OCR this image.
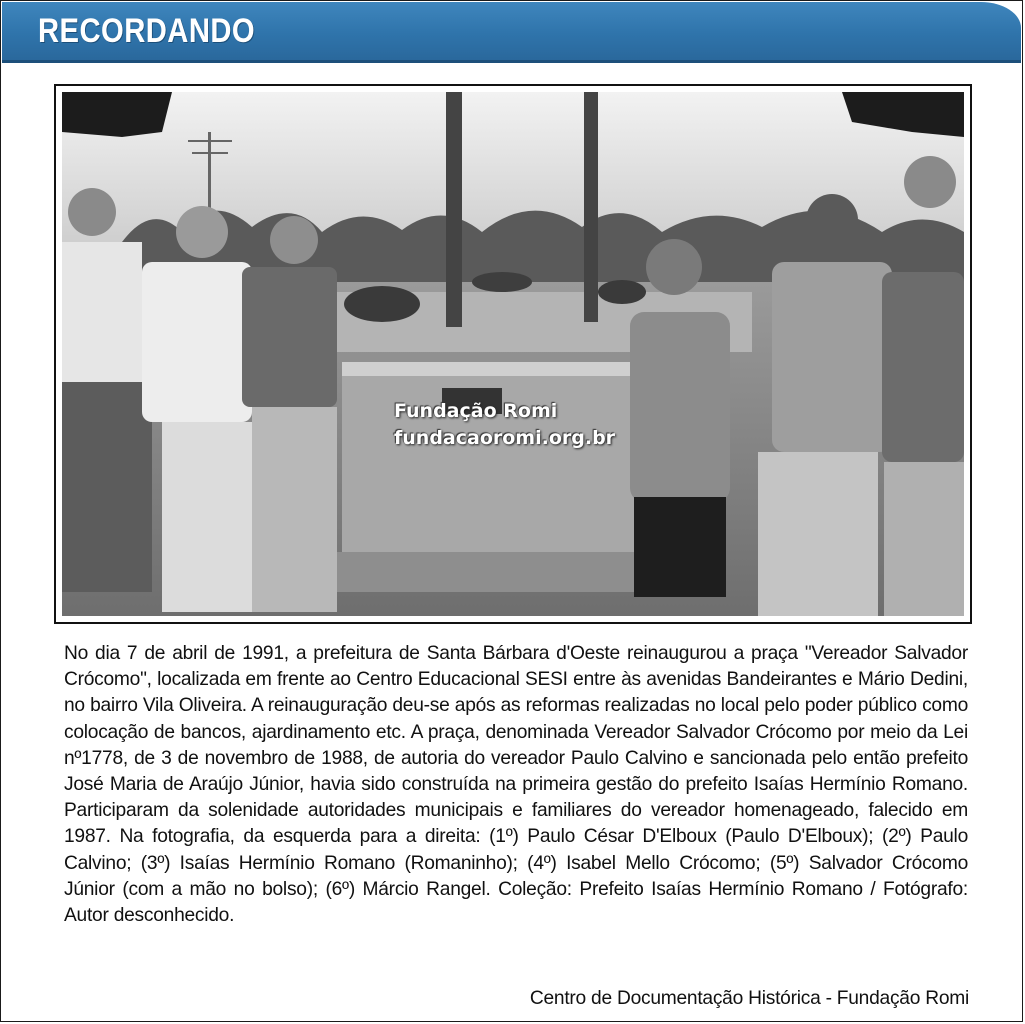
RECORDANDO
Fundação Romi
fundacaoromi.org.br
No dia 7 de abril de 1991, a prefeitura de Santa Bárbara d'Oeste reinaugurou a praça "Vereador Salvador Crócomo", localizada em frente ao Centro Educacional SESI entre às avenidas Bandeirantes e Mário Dedini, no bairro Vila Oliveira. A reinauguração deu-se após as reformas realizadas no local pelo poder público como colocação de bancos, ajardinamento etc. A praça, denominada Vereador Salvador Crócomo por meio da Lei nº1778, de 3 de novembro de 1988, de autoria do vereador Paulo Calvino e sancionada pelo então prefeito José Maria de Araújo Júnior, havia sido construída na primeira gestão do prefeito Isaías Hermínio Romano. Participaram da solenidade autoridades municipais e familiares do vereador homenageado, falecido em 1987. Na fotografia, da esquerda para a direita: (1º) Paulo César D'Elboux (Paulo D'Elboux); (2º) Paulo Calvino; (3º) Isaías Hermínio Romano (Romaninho); (4º) Isabel Mello Crócomo; (5º) Salvador Crócomo Júnior (com a mão no bolso); (6º) Márcio Rangel. Coleção: Prefeito Isaías Hermínio Romano / Fotógrafo: Autor desconhecido.
Centro de Documentação Histórica - Fundação Romi
